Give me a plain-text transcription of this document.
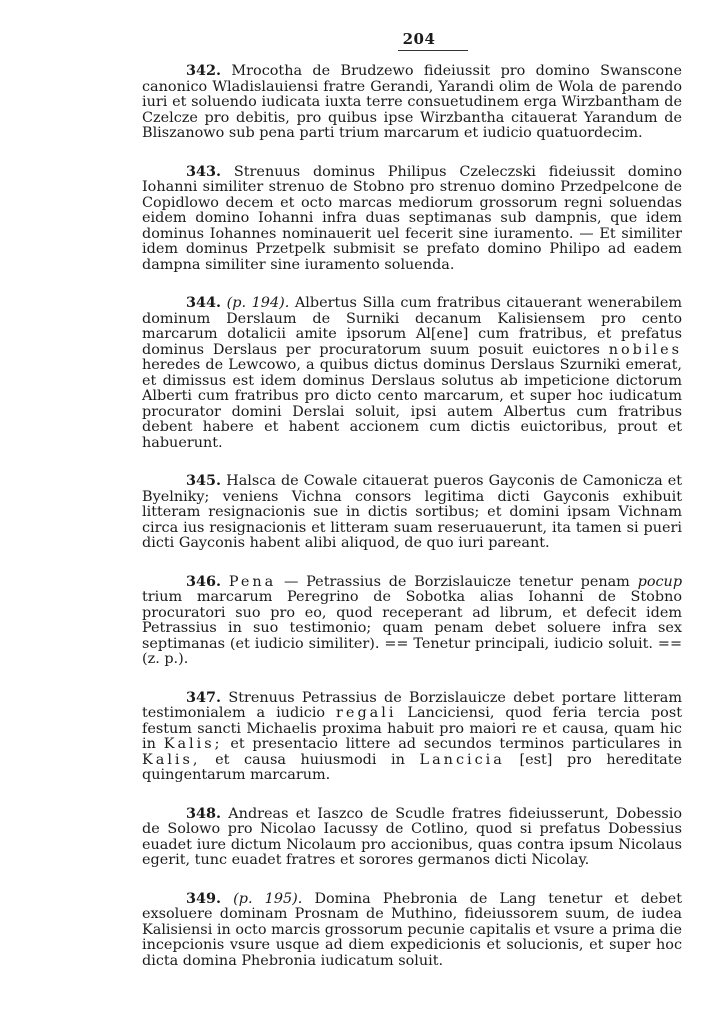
204

342. Mrocotha de Brudzewo fideiussit pro domino Swanscone canonico Wladislauiensi fratre Gerandi, Yarandi olim de Wola de parendo iuri et soluendo iudicata iuxta terre consuetudinem erga Wirzbantham de Czelcze pro debitis, pro quibus ipse Wirzbantha citauerat Yarandum de Bliszanowo sub pena parti trium marcarum et iudicio quatuordecim.

343. Strenuus dominus Philipus Czeleczski fideiussit domino Iohanni similiter strenuo de Stobno pro strenuo domino Przedpelcone de Copidlowo decem et octo marcas mediorum grossorum regni soluendas eidem domino Iohanni infra duas septimanas sub dampnis, que idem dominus Iohannes nominauerit uel fecerit sine iuramento. — Et similiter idem dominus Przetpelk submisit se prefato domino Philipo ad eadem dampna similiter sine iuramento soluenda.

344. (p. 194). Albertus Silla cum fratribus citauerant wenerabilem dominum Derslaum de Surniki decanum Kalisiensem pro cento marcarum dotalicii amite ipsorum Al[ene] cum fratribus, et prefatus dominus Derslaus per procuratorum suum posuit euictores nobiles heredes de Lewcowo, a quibus dictus dominus Derslaus Szurniki emerat, et dimissus est idem dominus Derslaus solutus ab impeticione dictorum Alberti cum fratribus pro dicto cento marcarum, et super hoc iudicatum procurator domini Derslai soluit, ipsi autem Albertus cum fratribus debent habere et habent accionem cum dictis euictoribus, prout et habuerunt.

345. Halsca de Cowale citauerat pueros Gayconis de Camonicza et Byelniky; veniens Vichna consors legitima dicti Gayconis exhibuit litteram resignacionis sue in dictis sortibus; et domini ipsam Vichnam circa ius resignacionis et litteram suam reseruauerunt, ita tamen si pueri dicti Gayconis habent alibi aliquod, de quo iuri pareant.

346. Pena — Petrassius de Borzislauicze tenetur penam pocup trium marcarum Peregrino de Sobotka alias Iohanni de Stobno procuratori suo pro eo, quod receperant ad librum, et defecit idem Petrassius in suo testimonio; quam penam debet soluere infra sex septimanas (et iudicio similiter). == Tenetur principali, iudicio soluit. == (z. p.).

347. Strenuus Petrassius de Borzislauicze debet portare litteram testimonialem a iudicio regali Lanciciensi, quod feria tercia post festum sancti Michaelis proxima habuit pro maiori re et causa, quam hic in Kalis; et presentacio littere ad secundos terminos particulares in Kalis, et causa huiusmodi in Lancicia [est] pro hereditate quingentarum marcarum.

348. Andreas et Iaszco de Scudle fratres fideiusserunt, Dobessio de Solowo pro Nicolao Iacussy de Cotlino, quod si prefatus Dobessius euadet iure dictum Nicolaum pro accionibus, quas contra ipsum Nicolaus egerit, tunc euadet fratres et sorores germanos dicti Nicolay.

349. (p. 195). Domina Phebronia de Lang tenetur et debet exsoluere dominam Prosnam de Muthino, fideiussorem suum, de iudea Kalisiensi in octo marcis grossorum pecunie capitalis et vsure a prima die incepcionis vsure usque ad diem expedicionis et solucionis, et super hoc dicta domina Phebronia iudicatum soluit.
